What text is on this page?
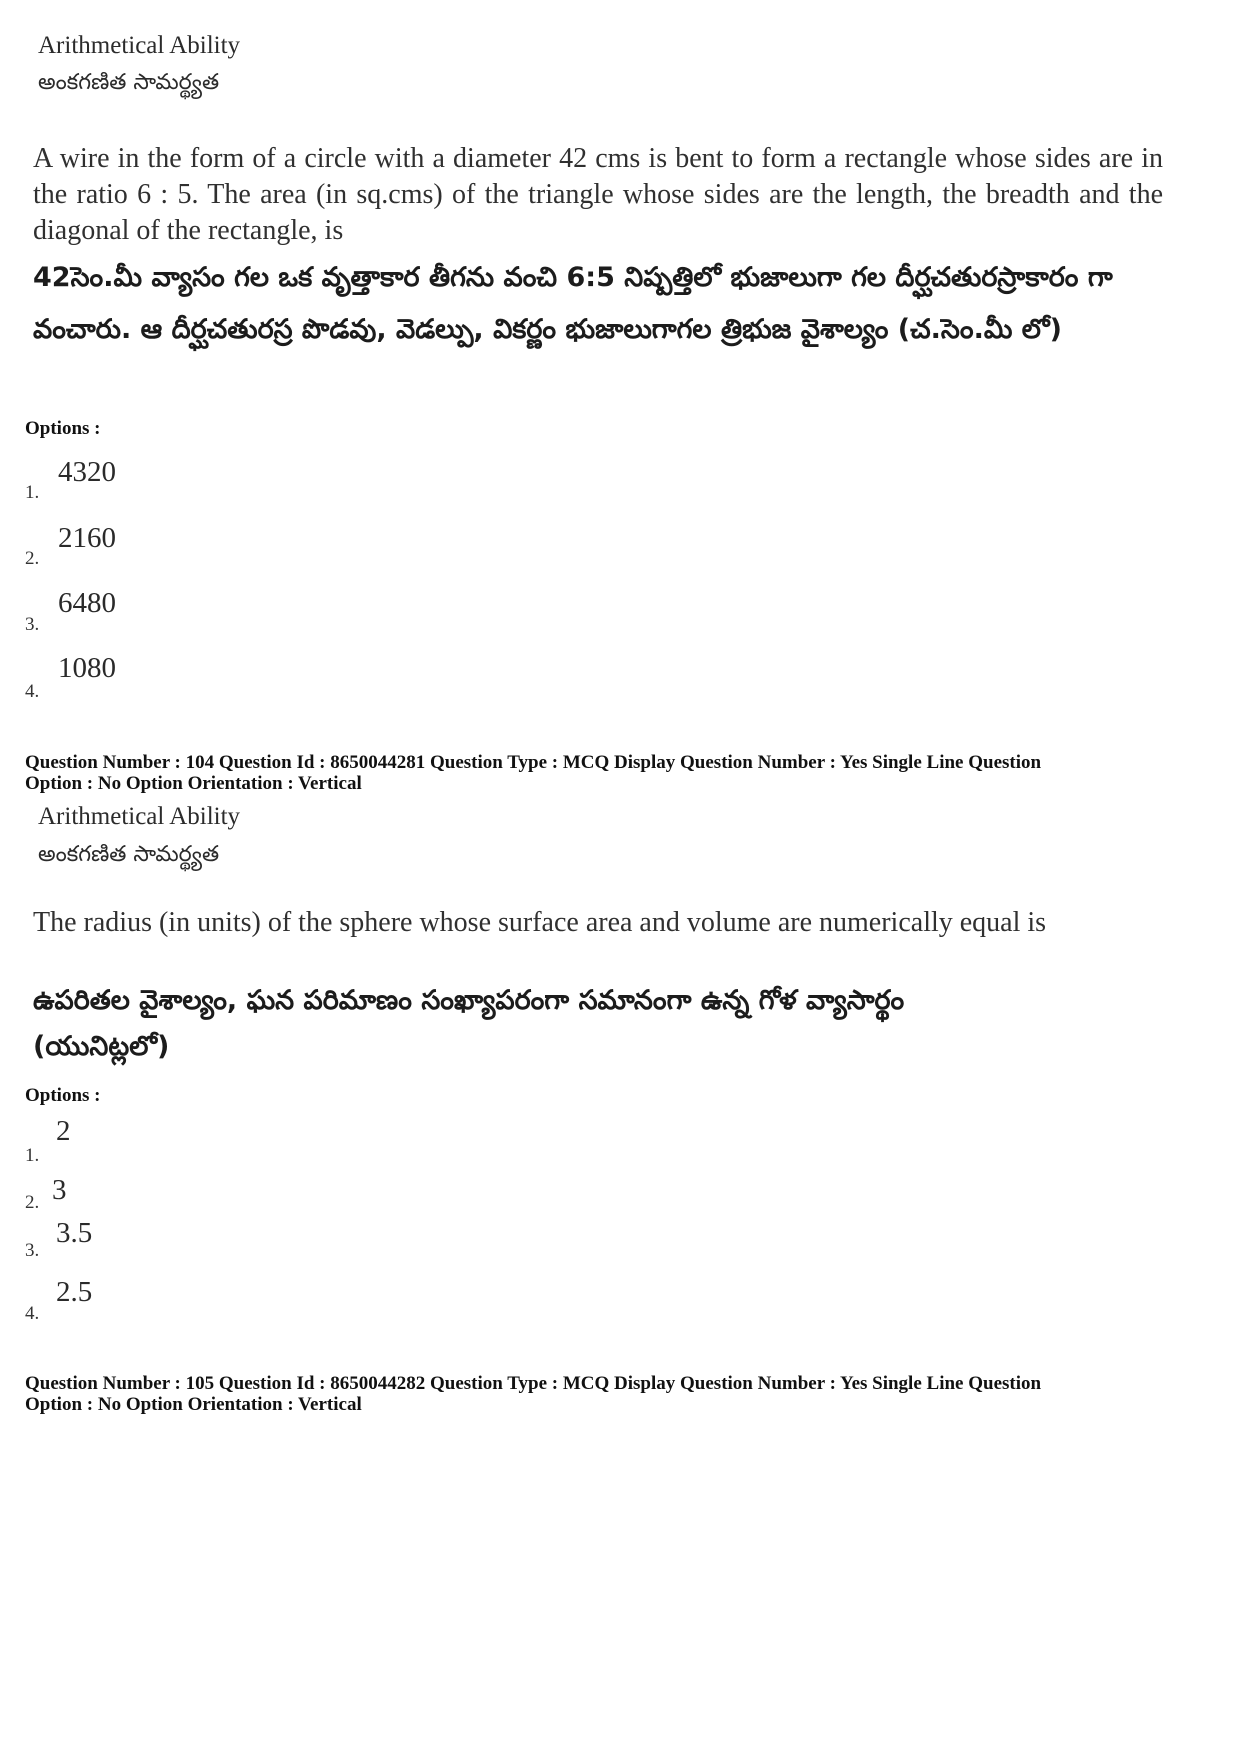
Arithmetical Ability
అంకగణిత సామర్థ్యత
A wire in the form of a circle with a diameter 42 cms is bent to form a rectangle whose sides are in the ratio 6 : 5. The area (in sq.cms) of the triangle whose sides are the length, the breadth and the diagonal of the rectangle, is
42సెం.మీ వ్యాసం గల ఒక వృత్తాకార తీగను వంచి 6:5 నిష్పత్తిలో భుజాలుగా గల దీర్ఘచతురస్రాకారం గా వంచారు. ఆ దీర్ఘచతురస్ర పొడవు, వెడల్పు, వికర్ణం భుజాలుగాగల త్రిభుజ వైశాల్యం (చ.సెం.మీ లో)
Options :
1.
4320
2.
2160
3.
6480
4.
1080
Question Number : 104 Question Id : 8650044281 Question Type : MCQ Display Question Number : Yes Single Line Question
Option : No Option Orientation : Vertical
Arithmetical Ability
అంకగణిత సామర్థ్యత
The radius (in units) of the sphere whose surface area and volume are numerically equal is
ఉపరితల వైశాల్యం, ఘన పరిమాణం సంఖ్యాపరంగా సమానంగా ఉన్న గోళ వ్యాసార్థం (యునిట్లలో)
Options :
1.
2
2. 3
3.
3.5
4.
2.5
Question Number : 105 Question Id : 8650044282 Question Type : MCQ Display Question Number : Yes Single Line Question
Option : No Option Orientation : Vertical
